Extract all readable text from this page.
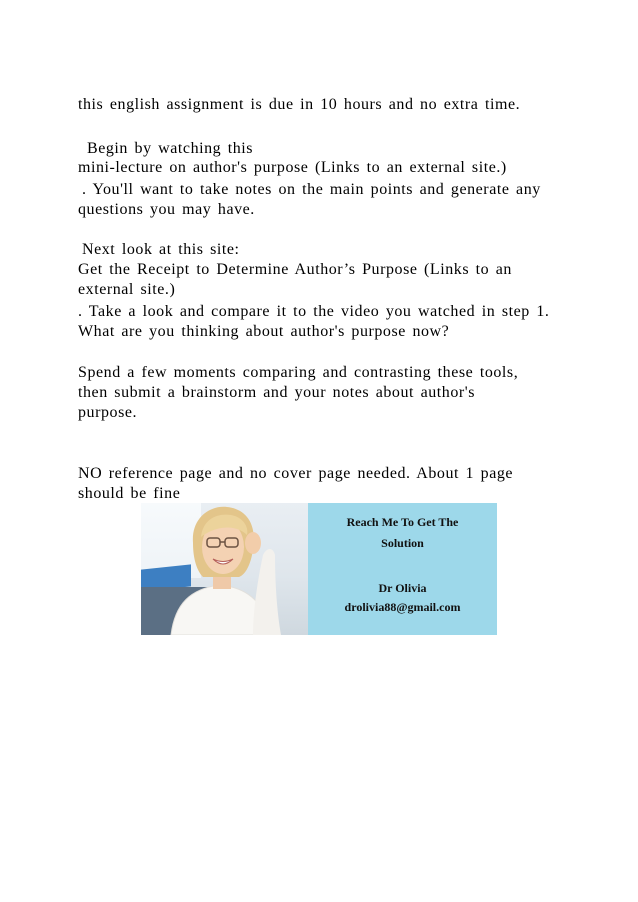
this english assignment is due in 10 hours and no extra time.
Begin by watching this
mini-lecture on author's purpose (Links to an external site.)
. You'll want to take notes on the main points and generate any
questions you may have.
Next look at this site:
Get the Receipt to Determine Author’s Purpose (Links to an
external site.)
. Take a look and compare it to the video you watched in step 1.
What are you thinking about author's purpose now?
Spend a few moments comparing and contrasting these tools,
then submit a brainstorm and your notes about author's
purpose.
NO reference page and no cover page needed. About 1 page
should be fine
Reach Me To Get The
Solution
Dr Olivia
drolivia88@gmail.com
